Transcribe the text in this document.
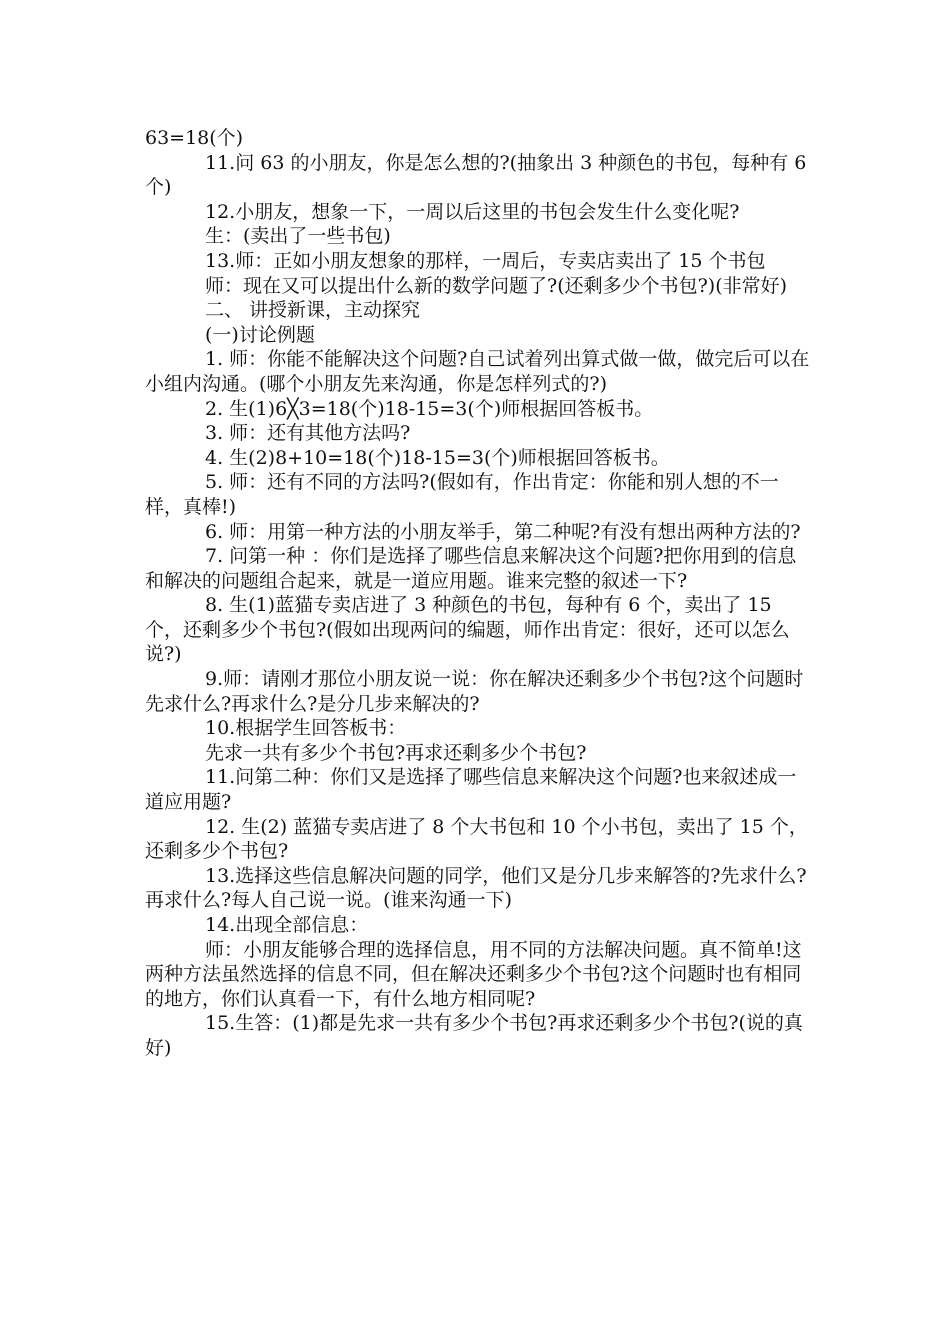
63=18(个)

11.问 63 的小朋友，你是怎么想的?(抽象出 3 种颜色的书包，每种有 6 个)

12.小朋友，想象一下，一周以后这里的书包会发生什么变化呢?

生：(卖出了一些书包)

13.师：正如小朋友想象的那样，一周后，专卖店卖出了 15 个书包

师：现在又可以提出什么新的数学问题了?(还剩多少个书包?)(非常好)

二、 讲授新课，主动探究

(一)讨论例题

1. 师：你能不能解决这个问题?自己试着列出算式做一做，做完后可以在小组内沟通。(哪个小朋友先来沟通，你是怎样列式的?)

2. 生(1)6╳3=18(个)18-15=3(个)师根据回答板书。

3. 师：还有其他方法吗?

4. 生(2)8+10=18(个)18-15=3(个)师根据回答板书。

5. 师：还有不同的方法吗?(假如有，作出肯定：你能和别人想的不一样，真棒!)

6. 师：用第一种方法的小朋友举手，第二种呢?有没有想出两种方法的?

7. 问第一种 ：你们是选择了哪些信息来解决这个问题?把你用到的信息和解决的问题组合起来，就是一道应用题。谁来完整的叙述一下?

8. 生(1)蓝猫专卖店进了 3 种颜色的书包，每种有 6 个，卖出了 15 个，还剩多少个书包?(假如出现两问的编题，师作出肯定：很好，还可以怎么说?)

9.师：请刚才那位小朋友说一说：你在解决还剩多少个书包?这个问题时先求什么?再求什么?是分几步来解决的?

10.根据学生回答板书：

先求一共有多少个书包?再求还剩多少个书包?

11.问第二种：你们又是选择了哪些信息来解决这个问题?也来叙述成一道应用题?

12. 生(2) 蓝猫专卖店进了 8 个大书包和 10 个小书包，卖出了 15 个，还剩多少个书包?

13.选择这些信息解决问题的同学，他们又是分几步来解答的?先求什么?再求什么?每人自己说一说。(谁来沟通一下)

14.出现全部信息：

师：小朋友能够合理的选择信息，用不同的方法解决问题。真不简单!这两种方法虽然选择的信息不同，但在解决还剩多少个书包?这个问题时也有相同的地方，你们认真看一下，有什么地方相同呢?

15.生答：(1)都是先求一共有多少个书包?再求还剩多少个书包?(说的真好)
